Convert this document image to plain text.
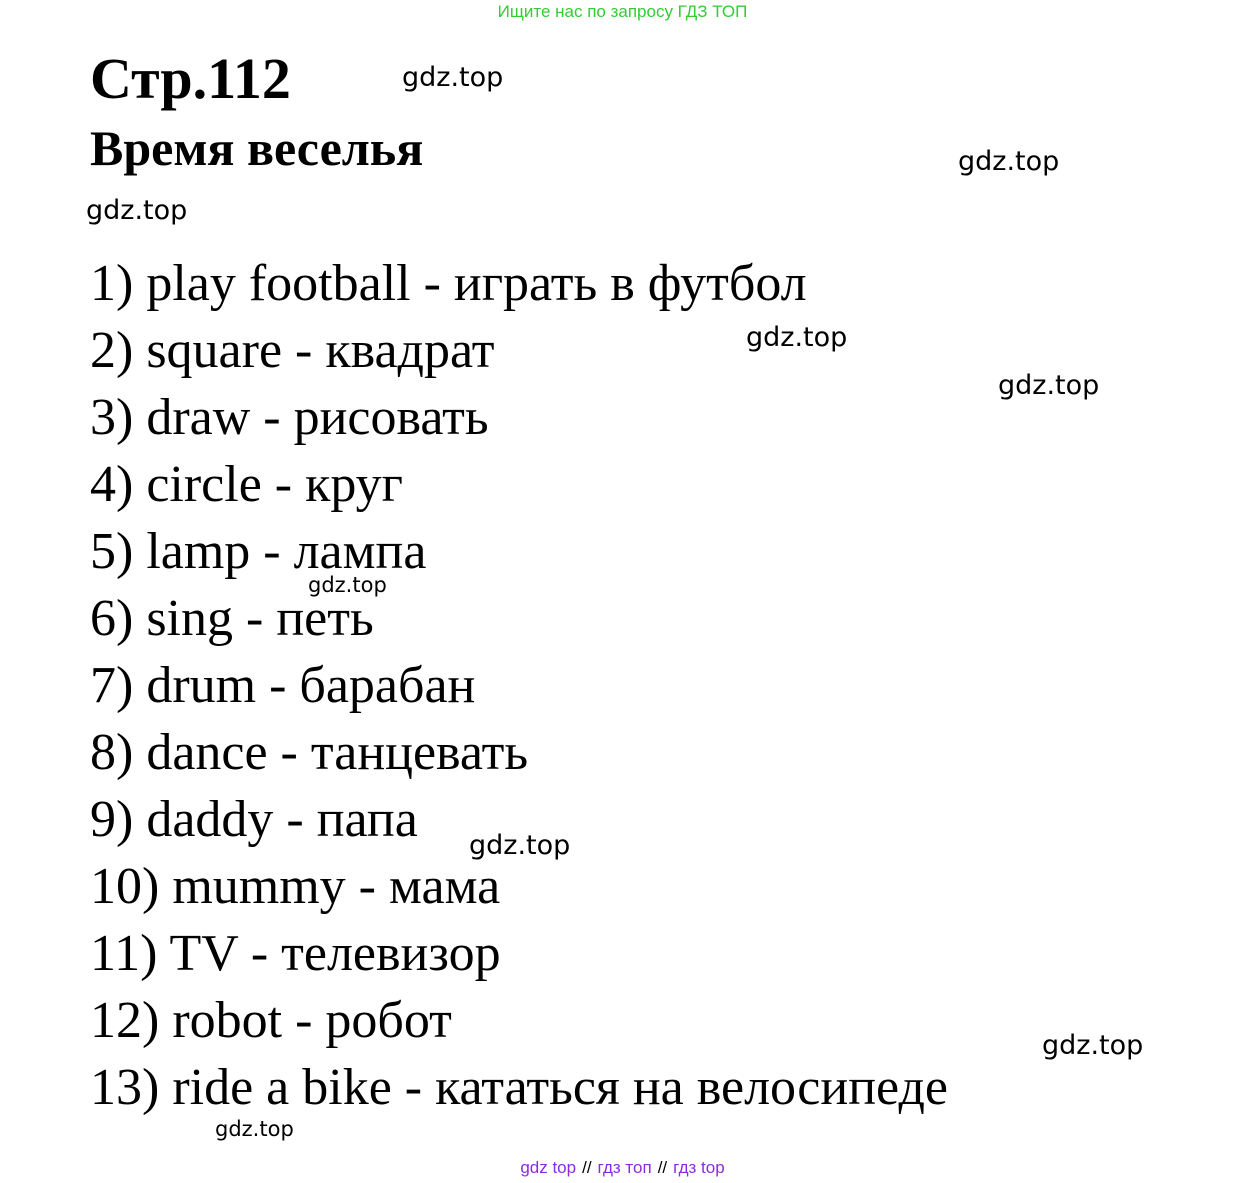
Ищите нас по запросу ГДЗ ТОП
Стр.112
Время веселья
1) play football - играть в футбол
2) square - квадрат
3) draw - рисовать
4) circle - круг
5) lamp - лампа
6) sing - петь
7) drum - барабан
8) dance - танцевать
9) daddy - папа
10) mummy - мама
11) TV - телевизор
12) robot - робот
13) ride a bike - кататься на велосипеде
gdz.top
gdz.top
gdz.top
gdz.top
gdz.top
gdz.top
gdz.top
gdz.top
gdz.top
gdz top // гдз топ // гдз top
